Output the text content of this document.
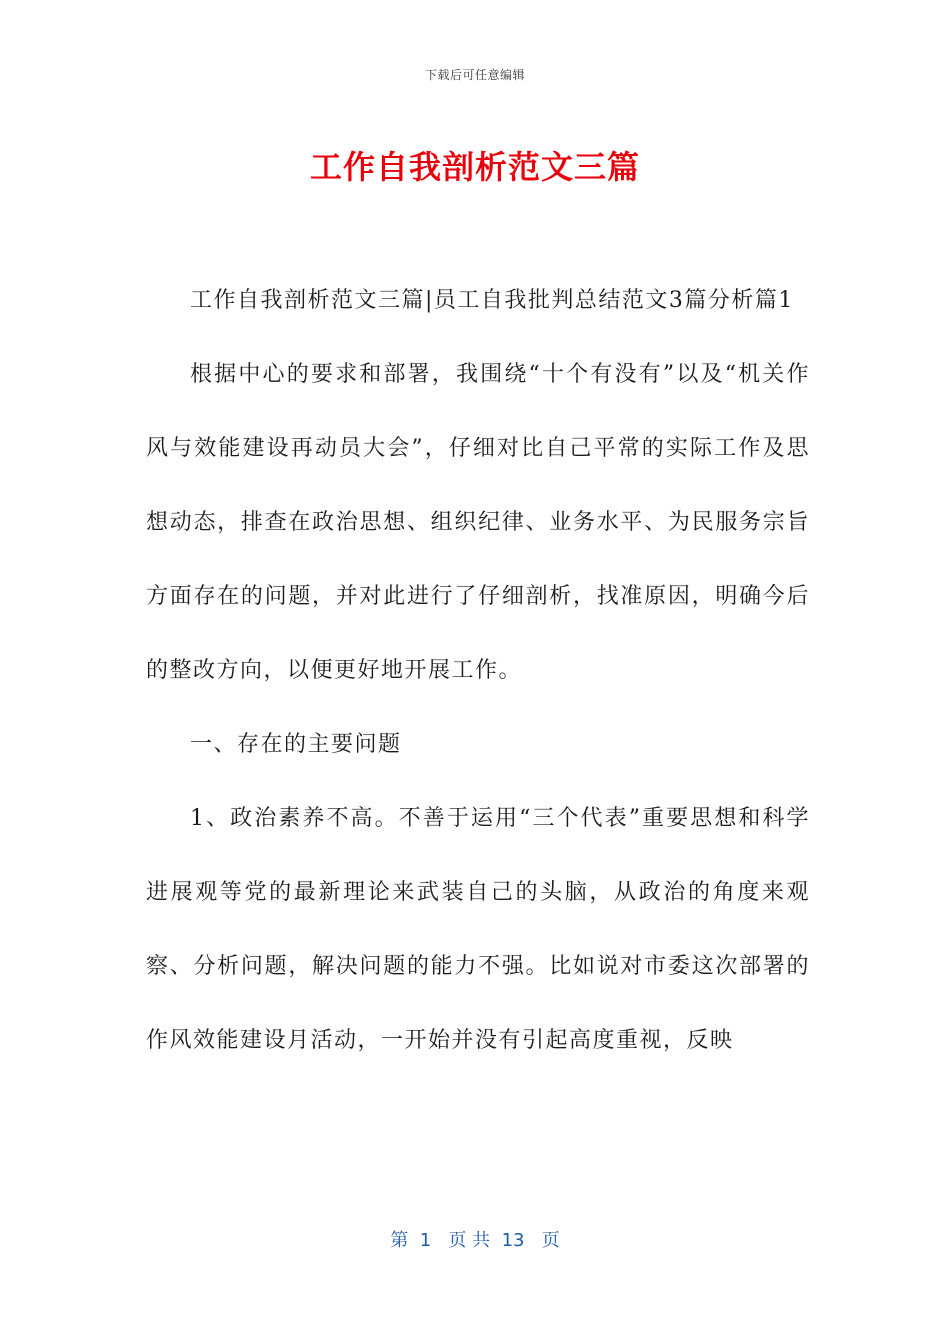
下载后可任意编辑
工作自我剖析范文三篇

工作自我剖析范文三篇|员工自我批判总结范文3篇分析篇1

根据中心的要求和部署，我围绕“十个有没有”以及“机关作风与效能建设再动员大会”，仔细对比自己平常的实际工作及思想动态，排查在政治思想、组织纪律、业务水平、为民服务宗旨方面存在的问题，并对此进行了仔细剖析，找准原因，明确今后的整改方向，以便更好地开展工作。

一、存在的主要问题

1、政治素养不高。不善于运用“三个代表”重要思想和科学进展观等党的最新理论来武装自己的头脑，从政治的角度来观察、分析问题，解决问题的能力不强。比如说对市委这次部署的作风效能建设月活动，一开始并没有引起高度重视，反映

第  1   页 共  13   页
